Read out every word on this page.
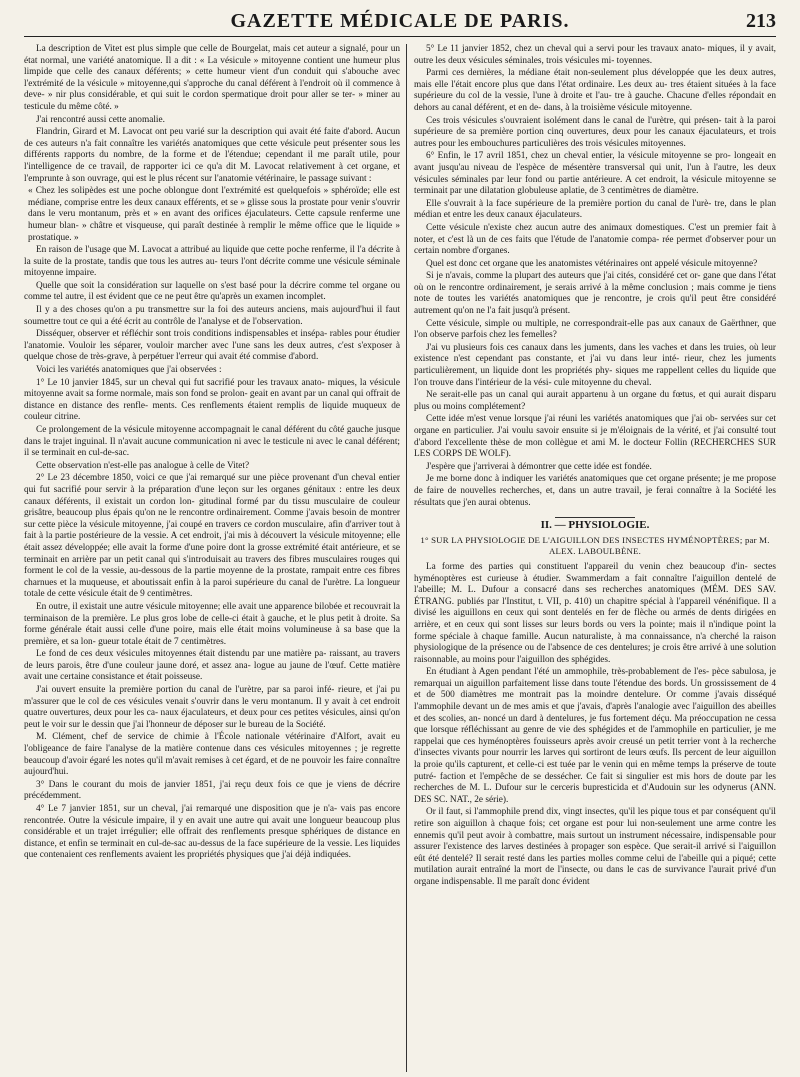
GAZETTE MÉDICALE DE PARIS.	213

La description de Vitet est plus simple que celle de Bourgelat, mais cet auteur a signalé, pour un état normal, une variété anatomique. Il a dit : « La vésicule » mitoyenne contient une humeur plus limpide que celle des canaux déférents; » cette humeur vient d'un conduit qui s'abouche avec l'extrémité de la vésicule » mitoyenne,qui s'approche du canal déférent à l'endroit où il commence à deve- » nir plus considérable, et qui suit le cordon spermatique droit pour aller se ter- » miner au testicule du même côté. »

J'ai rencontré aussi cette anomalie.

Flandrin, Girard et M. Lavocat ont peu varié sur la description qui avait été faite d'abord. Aucun de ces auteurs n'a fait connaître les variétés anatomiques que cette vésicule peut présenter sous les différents rapports du nombre, de la forme et de l'étendue; cependant il me paraît utile, pour l'intelligence de ce travail, de rapporter ici ce qu'a dit M. Lavocat relativement à cet organe, et l'emprunte à son ouvrage, qui est le plus récent sur l'anatomie vétérinaire, le passage suivant :

« Chez les solipèdes est une poche oblongue dont l'extrémité est quelquefois » sphéroïde; elle est médiane, comprise entre les deux canaux efférents, et se » glisse sous la prostate pour venir s'ouvrir dans le veru montanum, près et » en avant des orifices éjaculateurs. Cette capsule renferme une humeur blan- » châtre et visqueuse, qui paraît destinée à remplir le même office que le liquide » prostatique. »

En raison de l'usage que M. Lavocat a attribué au liquide que cette poche renferme, il l'a décrite à la suite de la prostate, tandis que tous les autres au- teurs l'ont décrite comme une vésicule séminale mitoyenne impaire.

Quelle que soit la considération sur laquelle on s'est basé pour la décrire comme tel organe ou comme tel autre, il est évident que ce ne peut être qu'après un examen incomplet.

Il y a des choses qu'on a pu transmettre sur la foi des auteurs anciens, mais aujourd'hui il faut soumettre tout ce qui a été écrit au contrôle de l'analyse et de l'observation.

Disséquer, observer et réfléchir sont trois conditions indispensables et insépa- rables pour étudier l'anatomie. Vouloir les séparer, vouloir marcher avec l'une sans les deux autres, c'est s'exposer à quelque chose de très-grave, à perpétuer l'erreur qui avait été commise d'abord.

Voici les variétés anatomiques que j'ai observées :

1° Le 10 janvier 1845, sur un cheval qui fut sacrifié pour les travaux anato- miques, la vésicule mitoyenne avait sa forme normale, mais son fond se prolon- geait en avant par un canal qui offrait de distance en distance des renfle- ments. Ces renflements étaient remplis de liquide muqueux de couleur citrine.

Ce prolongement de la vésicule mitoyenne accompagnait le canal déférent du côté gauche jusque dans le trajet inguinal. Il n'avait aucune communication ni avec le testicule ni avec le canal déférent; il se terminait en cul-de-sac.

Cette observation n'est-elle pas analogue à celle de Vitet?

2° Le 23 décembre 1850, voici ce que j'ai remarqué sur une pièce provenant d'un cheval entier qui fut sacrifié pour servir à la préparation d'une leçon sur les organes génitaux : entre les deux canaux déférents, il existait un cordon lon- gitudinal formé par du tissu musculaire de couleur grisâtre, beaucoup plus épais qu'on ne le rencontre ordinairement. Comme j'avais besoin de montrer sur cette pièce la vésicule mitoyenne, j'ai coupé en travers ce cordon musculaire, afin d'arriver tout à fait à la partie postérieure de la vessie. A cet endroit, j'ai mis à découvert la vésicule mitoyenne; elle était assez développée; elle avait la forme d'une poire dont la grosse extrémité était antérieure, et se terminait en arrière par un petit canal qui s'introduisait au travers des fibres musculaires rouges qui forment le col de la vessie, au-dessous de la partie moyenne de la prostate, rampait entre ces fibres charnues et la muqueuse, et aboutissait enfin à la paroi supérieure du canal de l'urètre. La longueur totale de cette vésicule était de 9 centimètres.

En outre, il existait une autre vésicule mitoyenne; elle avait une apparence bilobée et recouvrait la terminaison de la première. Le plus gros lobe de celle-ci était à gauche, et le plus petit à droite. Sa forme générale était aussi celle d'une poire, mais elle était moins volumineuse à sa base que la première, et sa lon- gueur totale était de 7 centimètres.

Le fond de ces deux vésicules mitoyennes était distendu par une matière pa- raissant, au travers de leurs parois, être d'une couleur jaune doré, et assez ana- logue au jaune de l'œuf. Cette matière avait une certaine consistance et était poisseuse.

J'ai ouvert ensuite la première portion du canal de l'urètre, par sa paroi infé- rieure, et j'ai pu m'assurer que le col de ces vésicules venait s'ouvrir dans le veru montanum. Il y avait à cet endroit quatre ouvertures, deux pour les ca- naux éjaculateurs, et deux pour ces petites vésicules, ainsi qu'on peut le voir sur le dessin que j'ai l'honneur de déposer sur le bureau de la Société.

M. Clément, chef de service de chimie à l'École nationale vétérinaire d'Alfort, avait eu l'obligeance de faire l'analyse de la matière contenue dans ces vésicules mitoyennes ; je regrette beaucoup d'avoir égaré les notes qu'il m'avait remises à cet égard, et de ne pouvoir les faire connaître aujourd'hui.

3° Dans le courant du mois de janvier 1851, j'ai reçu deux fois ce que je viens de décrire précédemment.

4° Le 7 janvier 1851, sur un cheval, j'ai remarqué une disposition que je n'a- vais pas encore rencontrée. Outre la vésicule impaire, il y en avait une autre qui avait une longueur beaucoup plus considérable et un trajet irrégulier; elle offrait des renflements presque sphériques de distance en distance, et enfin se terminait en cul-de-sac au-dessus de la face supérieure de la vessie. Les liquides que contenaient ces renflements avaient les propriétés physiques que j'ai déjà indiquées.

5° Le 11 janvier 1852, chez un cheval qui a servi pour les travaux anato- miques, il y avait, outre les deux vésicules séminales, trois vésicules mi- toyennes.

Parmi ces dernières, la médiane était non-seulement plus développée que les deux autres, mais elle l'était encore plus que dans l'état ordinaire. Les deux au- tres étaient situées à la face supérieure du col de la vessie, l'une à droite et l'au- tre à gauche. Chacune d'elles répondait en dehors au canal déférent, et en de- dans, à la troisième vésicule mitoyenne.

Ces trois vésicules s'ouvraient isolément dans le canal de l'urètre, qui présen- tait à la paroi supérieure de sa première portion cinq ouvertures, deux pour les canaux éjaculateurs, et trois autres pour les embouchures particulières des trois vésicules mitoyennes.

6° Enfin, le 17 avril 1851, chez un cheval entier, la vésicule mitoyenne se pro- longeait en avant jusqu'au niveau de l'espèce de mésentère transversal qui unit, l'un à l'autre, les deux vésicules séminales par leur fond ou partie antérieure. A cet endroit, la vésicule mitoyenne se terminait par une dilatation globuleuse aplatie, de 3 centimètres de diamètre.

Elle s'ouvrait à la face supérieure de la première portion du canal de l'urè- tre, dans le plan médian et entre les deux canaux éjaculateurs.

Cette vésicule n'existe chez aucun autre des animaux domestiques. C'est un premier fait à noter, et c'est là un de ces faits que l'étude de l'anatomie compa- rée permet d'observer pour un certain nombre d'organes.

Quel est donc cet organe que les anatomistes vétérinaires ont appelé vésicule mitoyenne?

Si je n'avais, comme la plupart des auteurs que j'ai cités, considéré cet or- gane que dans l'état où on le rencontre ordinairement, je serais arrivé à la même conclusion ; mais comme je tiens note de toutes les variétés anatomiques que je rencontre, je crois qu'il peut être considéré autrement qu'on ne l'a fait jusqu'à présent.

Cette vésicule, simple ou multiple, ne correspondrait-elle pas aux canaux de Gaërthner, que l'on observe parfois chez les femelles?

J'ai vu plusieurs fois ces canaux dans les juments, dans les vaches et dans les truies, où leur existence n'est cependant pas constante, et j'ai vu dans leur inté- rieur, chez les juments particulièrement, un liquide dont les propriétés phy- siques me rappellent celles du liquide que l'on trouve dans l'intérieur de la vési- cule mitoyenne du cheval.

Ne serait-elle pas un canal qui aurait appartenu à un organe du fœtus, et qui aurait disparu plus ou moins complétement?

Cette idée m'est venue lorsque j'ai réuni les variétés anatomiques que j'ai ob- servées sur cet organe en particulier. J'ai voulu savoir ensuite si je m'éloignais de la vérité, et j'ai consulté tout d'abord l'excellente thèse de mon collègue et ami M. le docteur Follin (RECHERCHES SUR LES CORPS DE WOLF).

J'espère que j'arriverai à démontrer que cette idée est fondée.

Je me borne donc à indiquer les variétés anatomiques que cet organe présente; je me propose de faire de nouvelles recherches, et, dans un autre travail, je ferai connaître à la Société les résultats que j'en aurai obtenus.

II. — PHYSIOLOGIE.
1° SUR LA PHYSIOLOGIE DE L'AIGUILLON DES INSECTES HYMÉNOPTÈRES; par M. ALEX. LABOULBÈNE.

La forme des parties qui constituent l'appareil du venin chez beaucoup d'in- sectes hyménoptères est curieuse à étudier. Swammerdam a fait connaître l'aiguillon dentelé de l'abeille; M. L. Dufour a consacré dans ses recherches anatomiques (MÉM. DES SAV. ÉTRANG. publiés par l'Institut, t. VII, p. 410) un chapitre spécial à l'appareil vénénifique. Il a divisé les aiguillons en ceux qui sont dentelés en fer de flèche ou armés de dents dirigées en arrière, et en ceux qui sont lisses sur leurs bords ou vers la pointe; mais il n'indique point la forme spéciale à chaque famille. Aucun naturaliste, à ma connaissance, n'a cherché la raison physiologique de la présence ou de l'absence de ces dentelures; je crois être arrivé à une solution raisonnable, au moins pour l'aiguillon des sphégides.

En étudiant à Agen pendant l'été un ammophile, très-probablement de l'es- pèce sabulosa, je remarquai un aiguillon parfaitement lisse dans toute l'étendue des bords. Un grossissement de 4 et de 500 diamètres me montrait pas la moindre dentelure. Or comme j'avais disséqué l'ammophile devant un de mes amis et que j'avais, d'après l'analogie avec l'aiguillon des abeilles et des scolies, an- noncé un dard à dentelures, je fus fortement déçu. Ma préoccupation ne cessa que lorsque réfléchissant au genre de vie des sphégides et de l'ammophile en particulier, je me rappelai que ces hyménoptères fouisseurs après avoir creusé un petit terrier vont à la recherche d'insectes vivants pour nourrir les larves qui sortiront de leurs œufs. Ils percent de leur aiguillon la proie qu'ils capturent, et celle-ci est tuée par le venin qui en même temps la préserve de toute putré- faction et l'empêche de se dessécher. Ce fait si singulier est mis hors de doute par les recherches de M. L. Dufour sur le cerceris bupresticida et d'Audouin sur les odynerus (ANN. DES SC. NAT., 2e série).

Or il faut, si l'ammophile prend dix, vingt insectes, qu'il les pique tous et par conséquent qu'il retire son aiguillon à chaque fois; cet organe est pour lui non-seulement une arme contre les ennemis qu'il peut avoir à combattre, mais surtout un instrument nécessaire, indispensable pour assurer l'existence des larves destinées à propager son espèce. Que serait-il arrivé si l'aiguillon eût été dentelé? Il serait resté dans les parties molles comme celui de l'abeille qui a piqué; cette mutilation aurait entraîné la mort de l'insecte, ou dans le cas de survivance l'aurait privé d'un organe indispensable. Il me paraît donc évident
